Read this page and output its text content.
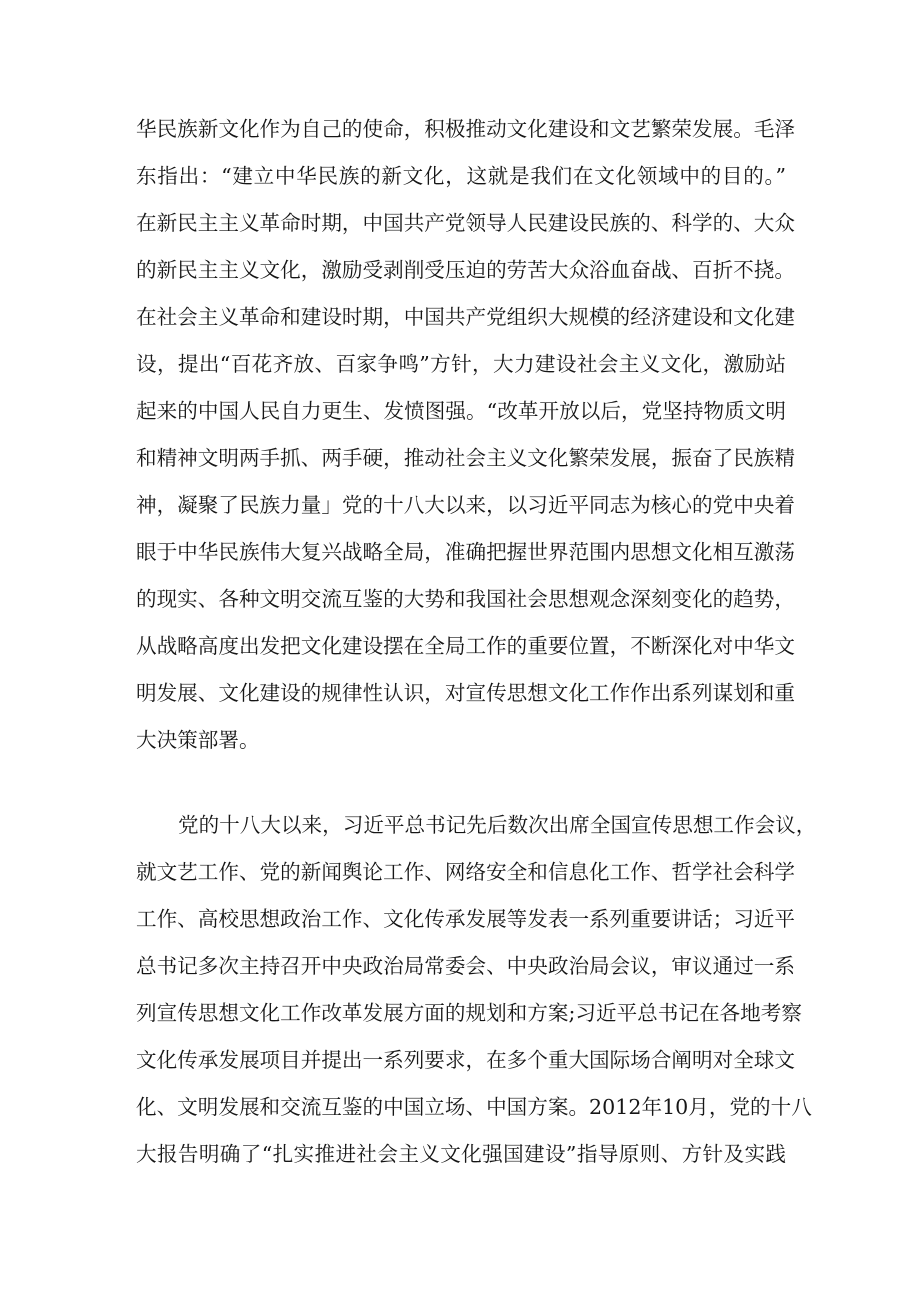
华民族新文化作为自己的使命，积极推动文化建设和文艺繁荣发展。毛泽
东指出：“建立中华民族的新文化，这就是我们在文化领域中的目的。”
在新民主主义革命时期，中国共产党领导人民建设民族的、科学的、大众
的新民主主义文化，激励受剥削受压迫的劳苦大众浴血奋战、百折不挠。
在社会主义革命和建设时期，中国共产党组织大规模的经济建设和文化建
设，提出“百花齐放、百家争鸣”方针，大力建设社会主义文化，激励站
起来的中国人民自力更生、发愤图强。“改革开放以后，党坚持物质文明
和精神文明两手抓、两手硬，推动社会主义文化繁荣发展，振奋了民族精
神，凝聚了民族力量」党的十八大以来，以习近平同志为核心的党中央着
眼于中华民族伟大复兴战略全局，准确把握世界范围内思想文化相互激荡
的现实、各种文明交流互鉴的大势和我国社会思想观念深刻变化的趋势，
从战略高度出发把文化建设摆在全局工作的重要位置，不断深化对中华文
明发展、文化建设的规律性认识，对宣传思想文化工作作出系列谋划和重
大决策部署。
党的十八大以来，习近平总书记先后数次出席全国宣传思想工作会议，
就文艺工作、党的新闻舆论工作、网络安全和信息化工作、哲学社会科学
工作、高校思想政治工作、文化传承发展等发表一系列重要讲话；习近平
总书记多次主持召开中央政治局常委会、中央政治局会议，审议通过一系
列宣传思想文化工作改革发展方面的规划和方案;习近平总书记在各地考察
文化传承发展项目并提出一系列要求，在多个重大国际场合阐明对全球文
化、文明发展和交流互鉴的中国立场、中国方案。2012年10月，党的十八
大报告明确了“扎实推进社会主义文化强国建设”指导原则、方针及实践
